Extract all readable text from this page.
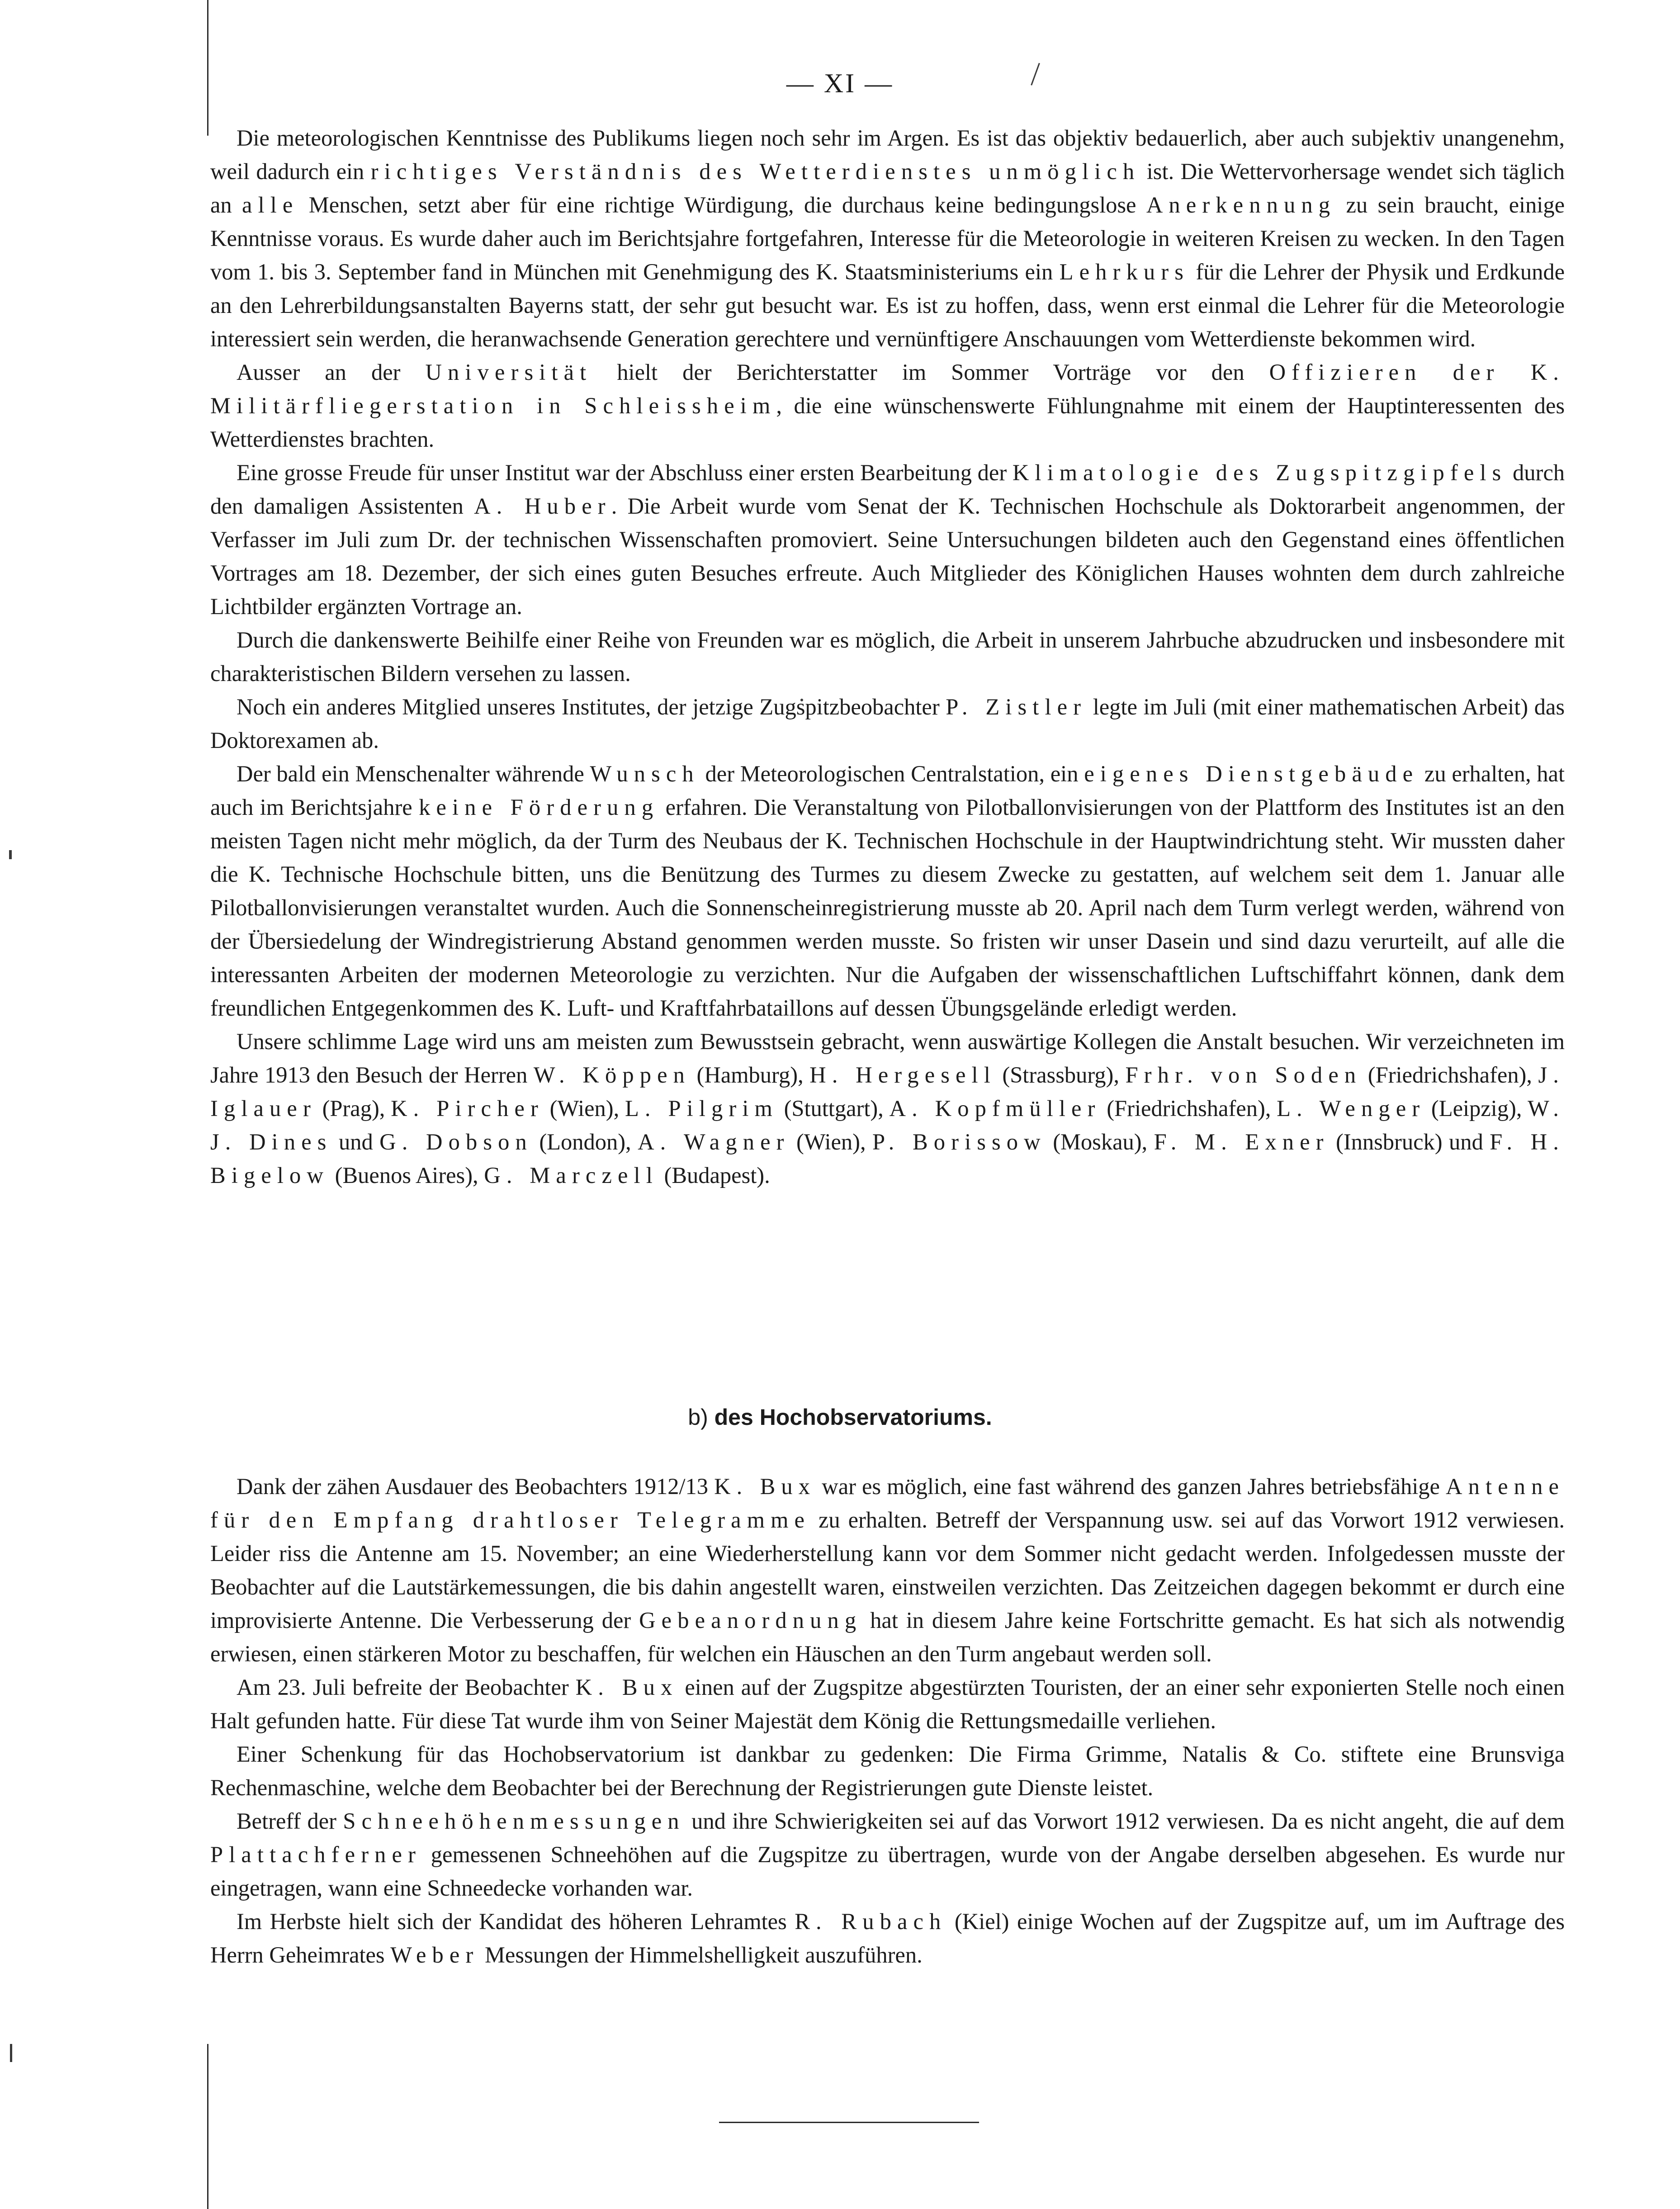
— XI —

Die meteorologischen Kenntnisse des Publikums liegen noch sehr im Argen. Es ist das objektiv bedauerlich, aber auch subjektiv unangenehm, weil dadurch ein richtiges Verständnis des Wetterdienstes unmöglich ist. Die Wettervorhersage wendet sich täglich an alle Menschen, setzt aber für eine richtige Würdigung, die durchaus keine bedingungslose Anerkennung zu sein braucht, einige Kenntnisse voraus. Es wurde daher auch im Berichtsjahre fortgefahren, Interesse für die Meteorologie in weiteren Kreisen zu wecken. In den Tagen vom 1. bis 3. September fand in München mit Genehmigung des K. Staatsministeriums ein Lehrkurs für die Lehrer der Physik und Erdkunde an den Lehrerbildungsanstalten Bayerns statt, der sehr gut besucht war. Es ist zu hoffen, dass, wenn erst einmal die Lehrer für die Meteorologie interessiert sein werden, die heranwachsende Generation gerechtere und vernünftigere Anschauungen vom Wetterdienste bekommen wird.

Ausser an der Universität hielt der Berichterstatter im Sommer Vorträge vor den Offizieren der K. Militärfliegerstation in Schleissheim, die eine wünschenswerte Fühlungnahme mit einem der Hauptinteressenten des Wetterdienstes brachten.

Eine grosse Freude für unser Institut war der Abschluss einer ersten Bearbeitung der Klimatologie des Zugspitzgipfels durch den damaligen Assistenten A. Huber. Die Arbeit wurde vom Senat der K. Technischen Hochschule als Doktorarbeit angenommen, der Verfasser im Juli zum Dr. der technischen Wissenschaften promoviert. Seine Untersuchungen bildeten auch den Gegenstand eines öffentlichen Vortrages am 18. Dezember, der sich eines guten Besuches erfreute. Auch Mitglieder des Königlichen Hauses wohnten dem durch zahlreiche Lichtbilder ergänzten Vortrage an.

Durch die dankenswerte Beihilfe einer Reihe von Freunden war es möglich, die Arbeit in unserem Jahrbuche abzudrucken und insbesondere mit charakteristischen Bildern versehen zu lassen.

Noch ein anderes Mitglied unseres Institutes, der jetzige Zugspitzbeobachter P. Zistler legte im Juli (mit einer mathematischen Arbeit) das Doktorexamen ab.

Der bald ein Menschenalter währende Wunsch der Meteorologischen Centralstation, ein eigenes Dienstgebäude zu erhalten, hat auch im Berichtsjahre keine Förderung erfahren. Die Veranstaltung von Pilotballonvisierungen von der Plattform des Institutes ist an den meisten Tagen nicht mehr möglich, da der Turm des Neubaus der K. Technischen Hochschule in der Hauptwindrichtung steht. Wir mussten daher die K. Technische Hochschule bitten, uns die Benützung des Turmes zu diesem Zwecke zu gestatten, auf welchem seit dem 1. Januar alle Pilotballonvisierungen veranstaltet wurden. Auch die Sonnenscheinregistrierung musste ab 20. April nach dem Turm verlegt werden, während von der Übersiedelung der Windregistrierung Abstand genommen werden musste. So fristen wir unser Dasein und sind dazu verurteilt, auf alle die interessanten Arbeiten der modernen Meteorologie zu verzichten. Nur die Aufgaben der wissenschaftlichen Luftschiffahrt können, dank dem freundlichen Entgegenkommen des K. Luft- und Kraftfahrbataillons auf dessen Übungsgelände erledigt werden.

Unsere schlimme Lage wird uns am meisten zum Bewusstsein gebracht, wenn auswärtige Kollegen die Anstalt besuchen. Wir verzeichneten im Jahre 1913 den Besuch der Herren W. Köppen (Hamburg), H. Hergesell (Strassburg), Frhr. von Soden (Friedrichshafen), J. Iglauer (Prag), K. Pircher (Wien), L. Pilgrim (Stuttgart), A. Kopfmüller (Friedrichshafen), L. Wenger (Leipzig), W. J. Dines und G. Dobson (London), A. Wagner (Wien), P. Borissow (Moskau), F. M. Exner (Innsbruck) und F. H. Bigelow (Buenos Aires), G. Marczell (Budapest).

b) des Hochobservatoriums.

Dank der zähen Ausdauer des Beobachters 1912/13 K. Bux war es möglich, eine fast während des ganzen Jahres betriebsfähige Antenne für den Empfang drahtloser Telegramme zu erhalten. Betreff der Verspannung usw. sei auf das Vorwort 1912 verwiesen. Leider riss die Antenne am 15. November; an eine Wiederherstellung kann vor dem Sommer nicht gedacht werden. Infolgedessen musste der Beobachter auf die Lautstärkemessungen, die bis dahin angestellt waren, einstweilen verzichten. Das Zeitzeichen dagegen bekommt er durch eine improvisierte Antenne. Die Verbesserung der Gebeanordnung hat in diesem Jahre keine Fortschritte gemacht. Es hat sich als notwendig erwiesen, einen stärkeren Motor zu beschaffen, für welchen ein Häuschen an den Turm angebaut werden soll.

Am 23. Juli befreite der Beobachter K. Bux einen auf der Zugspitze abgestürzten Touristen, der an einer sehr exponierten Stelle noch einen Halt gefunden hatte. Für diese Tat wurde ihm von Seiner Majestät dem König die Rettungsmedaille verliehen.

Einer Schenkung für das Hochobservatorium ist dankbar zu gedenken: Die Firma Grimme, Natalis & Co. stiftete eine Brunsviga Rechenmaschine, welche dem Beobachter bei der Berechnung der Registrierungen gute Dienste leistet.

Betreff der Schneehöhenmessungen und ihre Schwierigkeiten sei auf das Vorwort 1912 verwiesen. Da es nicht angeht, die auf dem Plattachferner gemessenen Schneehöhen auf die Zugspitze zu übertragen, wurde von der Angabe derselben abgesehen. Es wurde nur eingetragen, wann eine Schneedecke vorhanden war.

Im Herbste hielt sich der Kandidat des höheren Lehramtes R. Rubach (Kiel) einige Wochen auf der Zugspitze auf, um im Auftrage des Herrn Geheimrates Weber Messungen der Himmelshelligkeit auszuführen.
